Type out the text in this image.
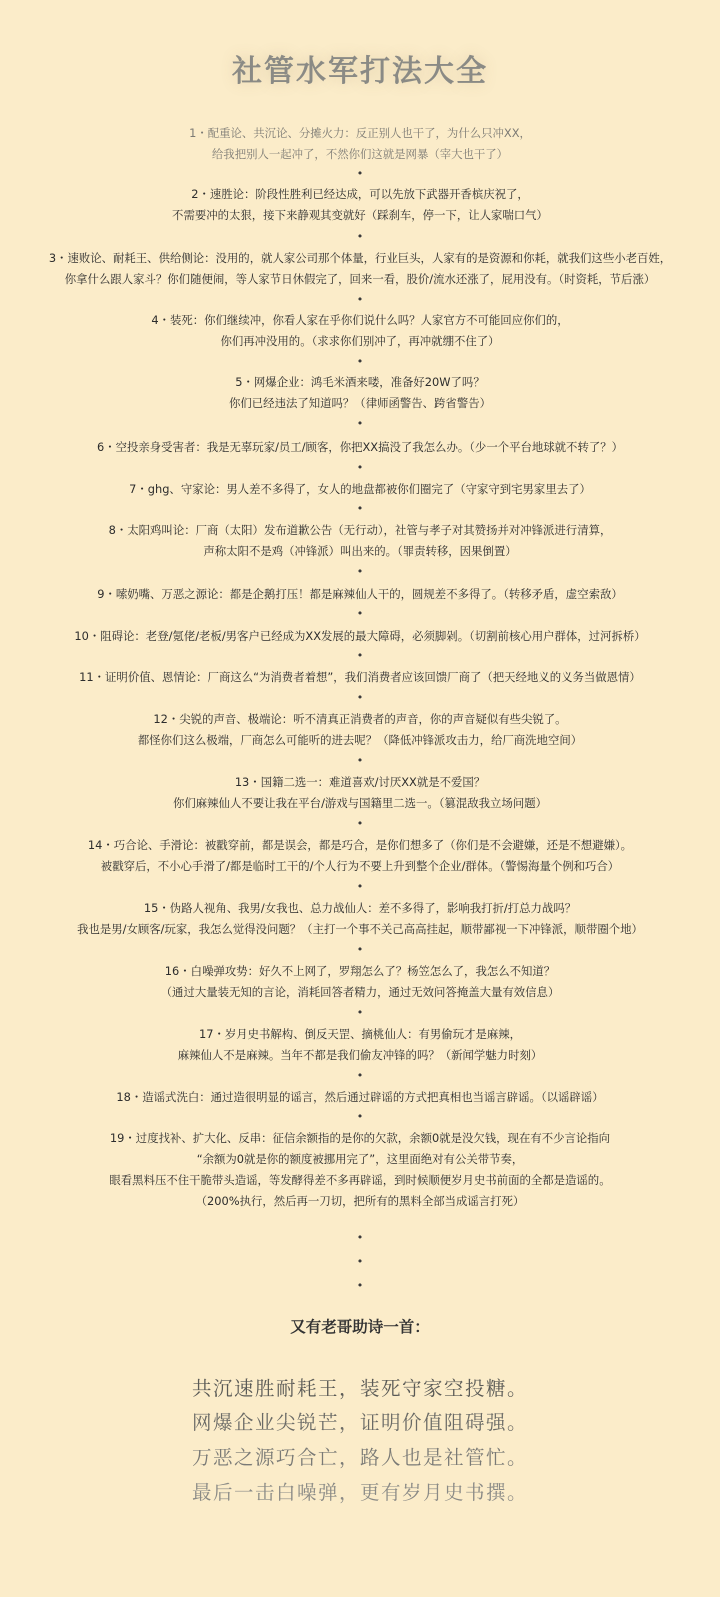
社管水军打法大全
1・配重论、共沉论、分摊火力：反正别人也干了，为什么只冲XX，
给我把别人一起冲了，不然你们这就是网暴（宰大也干了）
•
2・速胜论：阶段性胜利已经达成，可以先放下武器开香槟庆祝了，
不需要冲的太狠，接下来静观其变就好（踩刹车，停一下，让人家喘口气）
•
3・速败论、耐耗王、供给侧论：没用的，就人家公司那个体量，行业巨头，人家有的是资源和你耗，就我们这些小老百姓，
你拿什么跟人家斗？你们随便闹，等人家节日休假完了，回来一看，股价/流水还涨了，屁用没有。（时资耗，节后涨）
•
4・装死：你们继续冲，你看人家在乎你们说什么吗？人家官方不可能回应你们的，
你们再冲没用的。（求求你们别冲了，再冲就绷不住了）
•
5・网爆企业：鸿毛米酒来喽，准备好20W了吗？
你们已经违法了知道吗？（律师函警告、跨省警告）
•
6・空投亲身受害者：我是无辜玩家/员工/顾客，你把XX搞没了我怎么办。（少一个平台地球就不转了？）
•
7・ghg、守家论：男人差不多得了，女人的地盘都被你们圈完了（守家守到宅男家里去了）
•
8・太阳鸡叫论：厂商（太阳）发布道歉公告（无行动），社管与孝子对其赞扬并对冲锋派进行清算，
声称太阳不是鸡（冲锋派）叫出来的。（罪责转移，因果倒置）
•
9・嗦奶嘴、万恶之源论：都是企鹅打压！都是麻辣仙人干的，圆规差不多得了。（转移矛盾，虚空索敌）
•
10・阻碍论：老登/氪佬/老板/男客户已经成为XX发展的最大障碍，必须脚剁。（切割前核心用户群体，过河拆桥）
•
11・证明价值、恩情论：厂商这么“为消费者着想”，我们消费者应该回馈厂商了（把天经地义的义务当做恩情）
•
12・尖锐的声音、极端论：听不清真正消费者的声音，你的声音疑似有些尖锐了。
都怪你们这么极端，厂商怎么可能听的进去呢？（降低冲锋派攻击力，给厂商洗地空间）
•
13・国籍二选一：难道喜欢/讨厌XX就是不爱国？
你们麻辣仙人不要让我在平台/游戏与国籍里二选一。（篡混敌我立场问题）
•
14・巧合论、手滑论：被戳穿前，都是误会，都是巧合，是你们想多了（你们是不会避嫌，还是不想避嫌）。
被戳穿后，不小心手滑了/都是临时工干的/个人行为不要上升到整个企业/群体。（警惕海量个例和巧合）
•
15・伪路人视角、我男/女我也、总力战仙人：差不多得了，影响我打折/打总力战吗？
我也是男/女顾客/玩家，我怎么觉得没问题？（主打一个事不关己高高挂起，顺带鄙视一下冲锋派，顺带圈个地）
•
16・白噪弹攻势：好久不上网了，罗翔怎么了？杨笠怎么了，我怎么不知道？
（通过大量装无知的言论，消耗回答者精力，通过无效问答掩盖大量有效信息）
•
17・岁月史书解构、倒反天罡、摘桃仙人：有男偷玩才是麻辣，
麻辣仙人不是麻辣。当年不都是我们偷友冲锋的吗？（新闻学魅力时刻）
•
18・造谣式洗白：通过造很明显的谣言，然后通过辟谣的方式把真相也当谣言辟谣。（以谣辟谣）
•
19・过度找补、扩大化、反串：征信余额指的是你的欠款，余额0就是没欠钱，现在有不少言论指向
“余额为0就是你的额度被挪用完了”，这里面绝对有公关带节奏，
眼看黑料压不住干脆带头造谣，等发酵得差不多再辟谣，到时候顺便岁月史书前面的全都是造谣的。
（200%执行，然后再一刀切，把所有的黑料全部当成谣言打死）
•
•
•
又有老哥助诗一首：
共沉速胜耐耗王，装死守家空投糖。
网爆企业尖锐芒，证明价值阻碍强。
万恶之源巧合亡，路人也是社管忙。
最后一击白噪弹，更有岁月史书撰。
